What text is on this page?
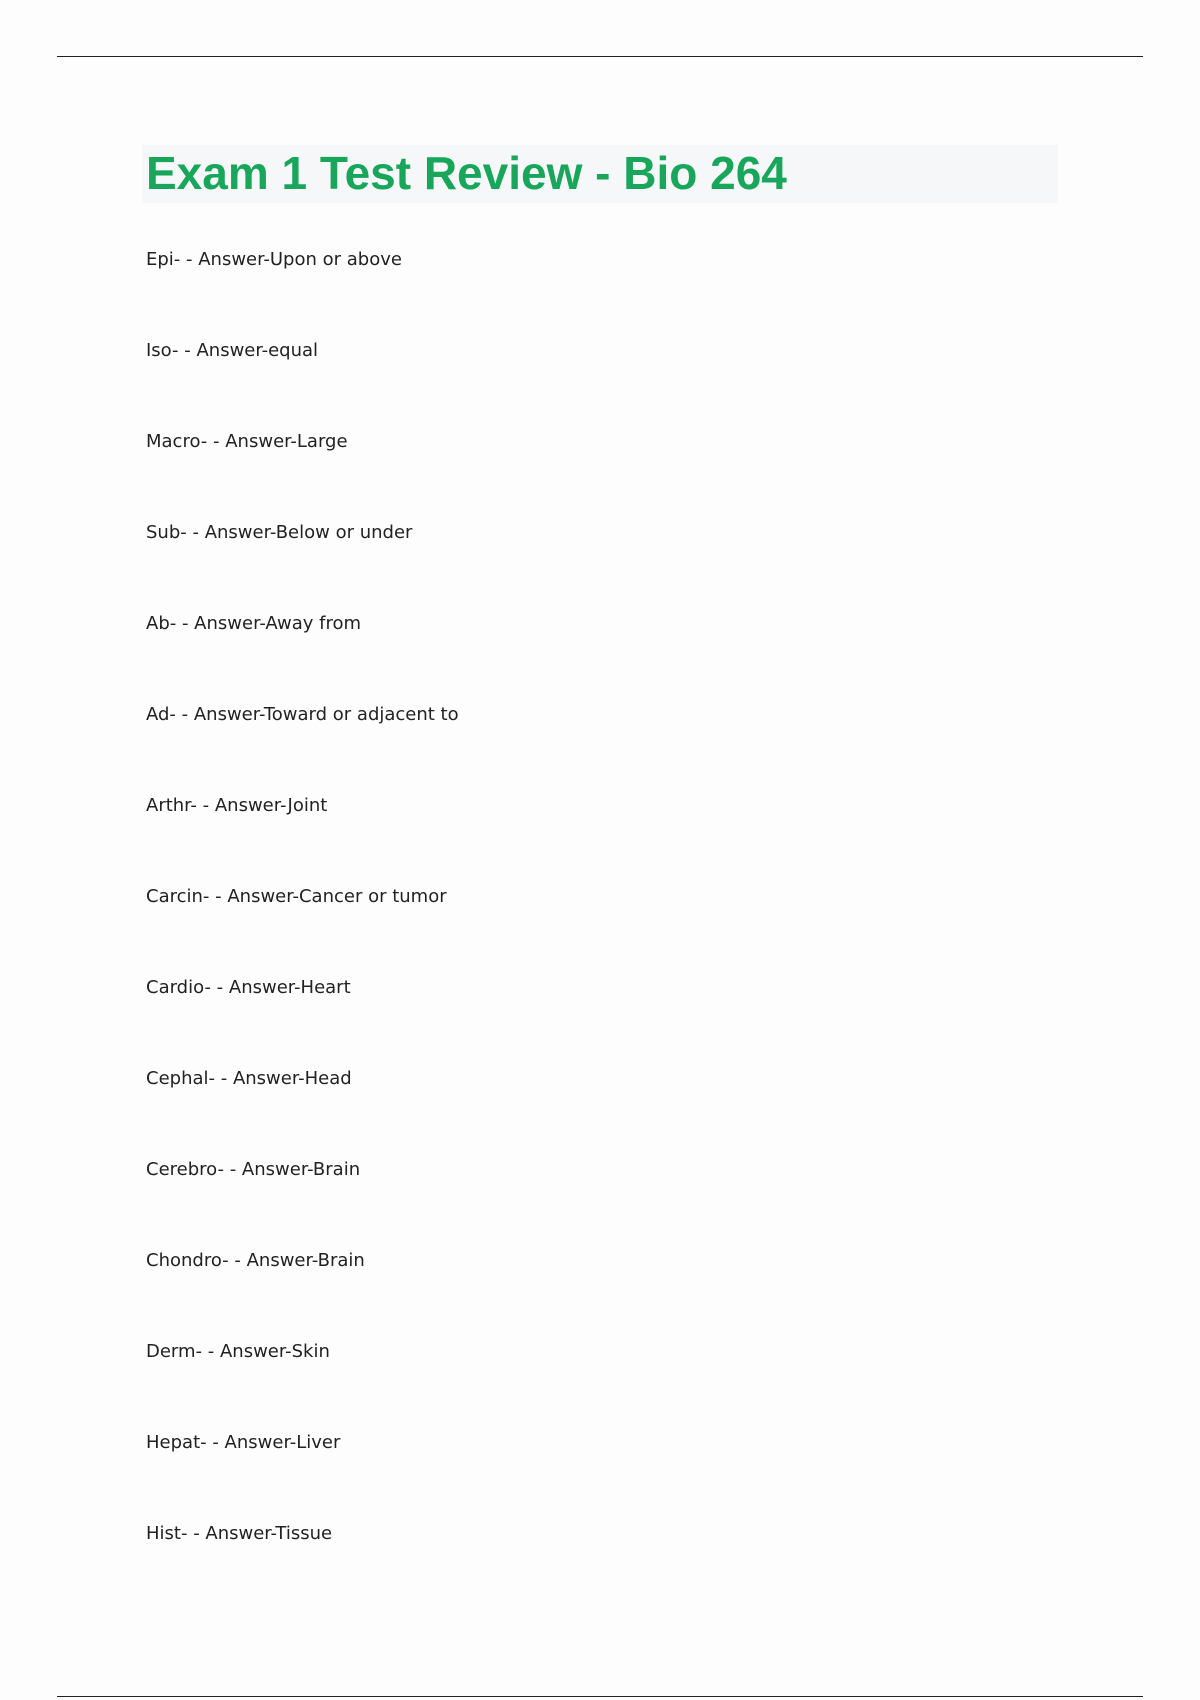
Exam 1 Test Review - Bio 264
Epi- - Answer-Upon or above
Iso- - Answer-equal
Macro- - Answer-Large
Sub- - Answer-Below or under
Ab- - Answer-Away from
Ad- - Answer-Toward or adjacent to
Arthr- - Answer-Joint
Carcin- - Answer-Cancer or tumor
Cardio- - Answer-Heart
Cephal- - Answer-Head
Cerebro- - Answer-Brain
Chondro- - Answer-Brain
Derm- - Answer-Skin
Hepat- - Answer-Liver
Hist- - Answer-Tissue
